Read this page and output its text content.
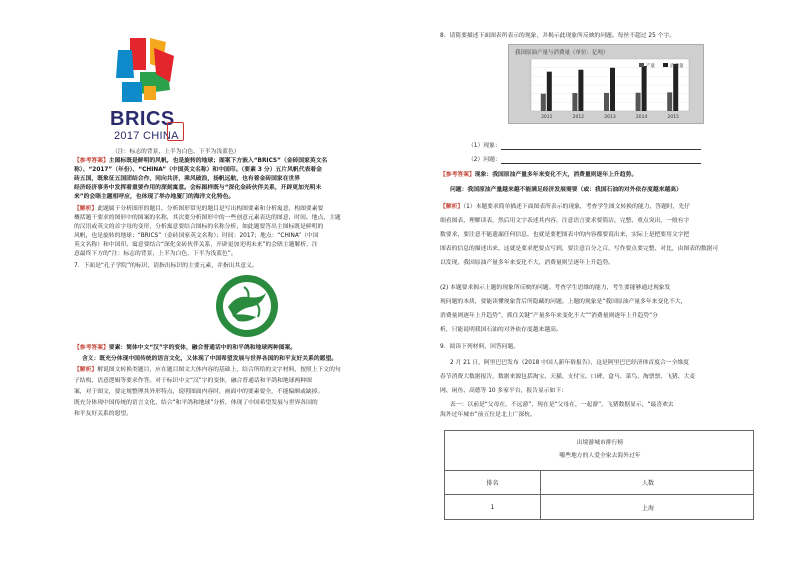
BRICS
2017 CHINA
（注：标志的背景，上半为白色，下半为浅蓝色）
【参考答案】主图标既是鲜明的风帆，也是旋转的地球；图案下方嵌入“BRICS”（金砖国家英文名
称）、“2017”（年份）、“CHINA”（中国英文名称）和中国印。（要素 3 分）五片风帆代表着金
砖五国，既象征五国团结合作，同向共济，乘风破浪，扬帆远航，也有着金砖国家在世界
经济经济事务中发挥着重要作用的深刻寓意。会标图样既与“深化金砖伙伴关系，开辟更加光明未
来”的会晤主题相呼应，也体现了举办地厦门的海洋文化特色。
【解析】此题属于分析图形的题目，分析图形常见的题目是写出构图要素和分析寓意，构图要素要
概括题干要求的图形中的图案的名称，其次要分析图形中的一些创意元素表达的图意，时间、地点、主题
的汉语或英文的首字母的变形，分析寓意要结合图标的名称分析，如此题要答出主图标既是鲜明的
风帆，也是旋转的地球；“BRICS”（金砖国家英文名称）；时间：2017；地点：“CHINA”（中国
英文名称）和中国印。寓意要结合“深化金砖伙伴关系，开辟更加光明未来”的会晤主题解析，注
意最终下方的“注：标志的背景，上半为白色，下半为浅蓝色”。
7．下面是“孔子学院”的标识，请指出标识的主要元素，并指出其意义。
【参考答案】要素：简体中文“汉”字的变体，融合普通话中的和平鸽和地球两种图案。
含义：既充分体现中国传统的语言文化，又体现了中国希望发展与世界各国的和平友好关系的愿望。
【解析】解说图文转换类题目，应在题目图文大体内容的基础上，结合所给的文字材料，按照上下文的句
子结构、语意逻辑等要求作答。对于标识中文“汉”字的变体，融合普通话和平鸽和地球两种图
案，对于图文，要定规整理其外形特点，说明图面内容时，画面中的要素要全，不能偏颇或缺掉。
既充分体现中国传统的语言文化，结合“和平鸽和地球”分析，体现了中国希望发展与世界各国的
和平友好关系的愿望。
8．请简要描述下面图表所表示的现象，并揭示此现象所反映的问题。每丝不超过 25 个字。
我国原油产量与消费量（单位：亿吨）
2011	2012	2013	2014	2015
产量	消费量
（1）现象：
（2）问题：
【参考答案】现象：我国原油产量多年来变化不大，消费量则逐年上升趋势。
问题：我国原油产量越来越不能满足经济发展需要（或：我国石油的对外依存度越来越高）
【解析】（1）本题要求简单描述下面图表所表示的现象，考查学生图文转换的能力，答题时，先仔
细看图表，理解读表，然后用文字表述其内容，注意语言要求要简洁、完整、重点突出，一般有字
数要求，要注意不能遗漏任何信息，也就是要把图表中的内容都要说出来，实际上是把要用文字把
图表的信息的描述出来，这就是要求把要点写到，要注意百分之百，写作要点要完整、对比，由图表的数据可
以发现，我国原油产量多年来变化不大，消费量则呈逐年上升趋势。
(2) 本题要求揭示上题的现象所反映的问题。考查学生思维的能力，考生要能够通过现象发
现问题的本质，要能读懂现象背后所隐藏的问题。上题的现象是“我国原油产量多年来变化不大，
消费量则逐年上升趋势”，抓住关键“产量多年来变化不大”“消费量则逐年上升趋势”分
析，只能说明我国石油的对外依存度越来越高。
9．阅读下列材料，回答问题。
2 月 21 日，阿里巴巴发布《2018 中国人新年俗报告》，这是阿里巴巴经济体首度合一全维度
春节消费大数据报告，数据来源包括淘宝、天猫、支付宝、口碑、盒马、菜鸟、淘票票、飞猪、大麦
网、闲鱼、高德等 10 多家平台，报告显示如下：
表一：以前是“父母在，不远游”，现在是“父母在，一起游”，飞猪数据显示，“最喜欢去
海外过年城市”前五位是北上广深杭。
出境游城市排行榜
哪些地方的人爱全家去海外过年
排名	人数
1	上海
